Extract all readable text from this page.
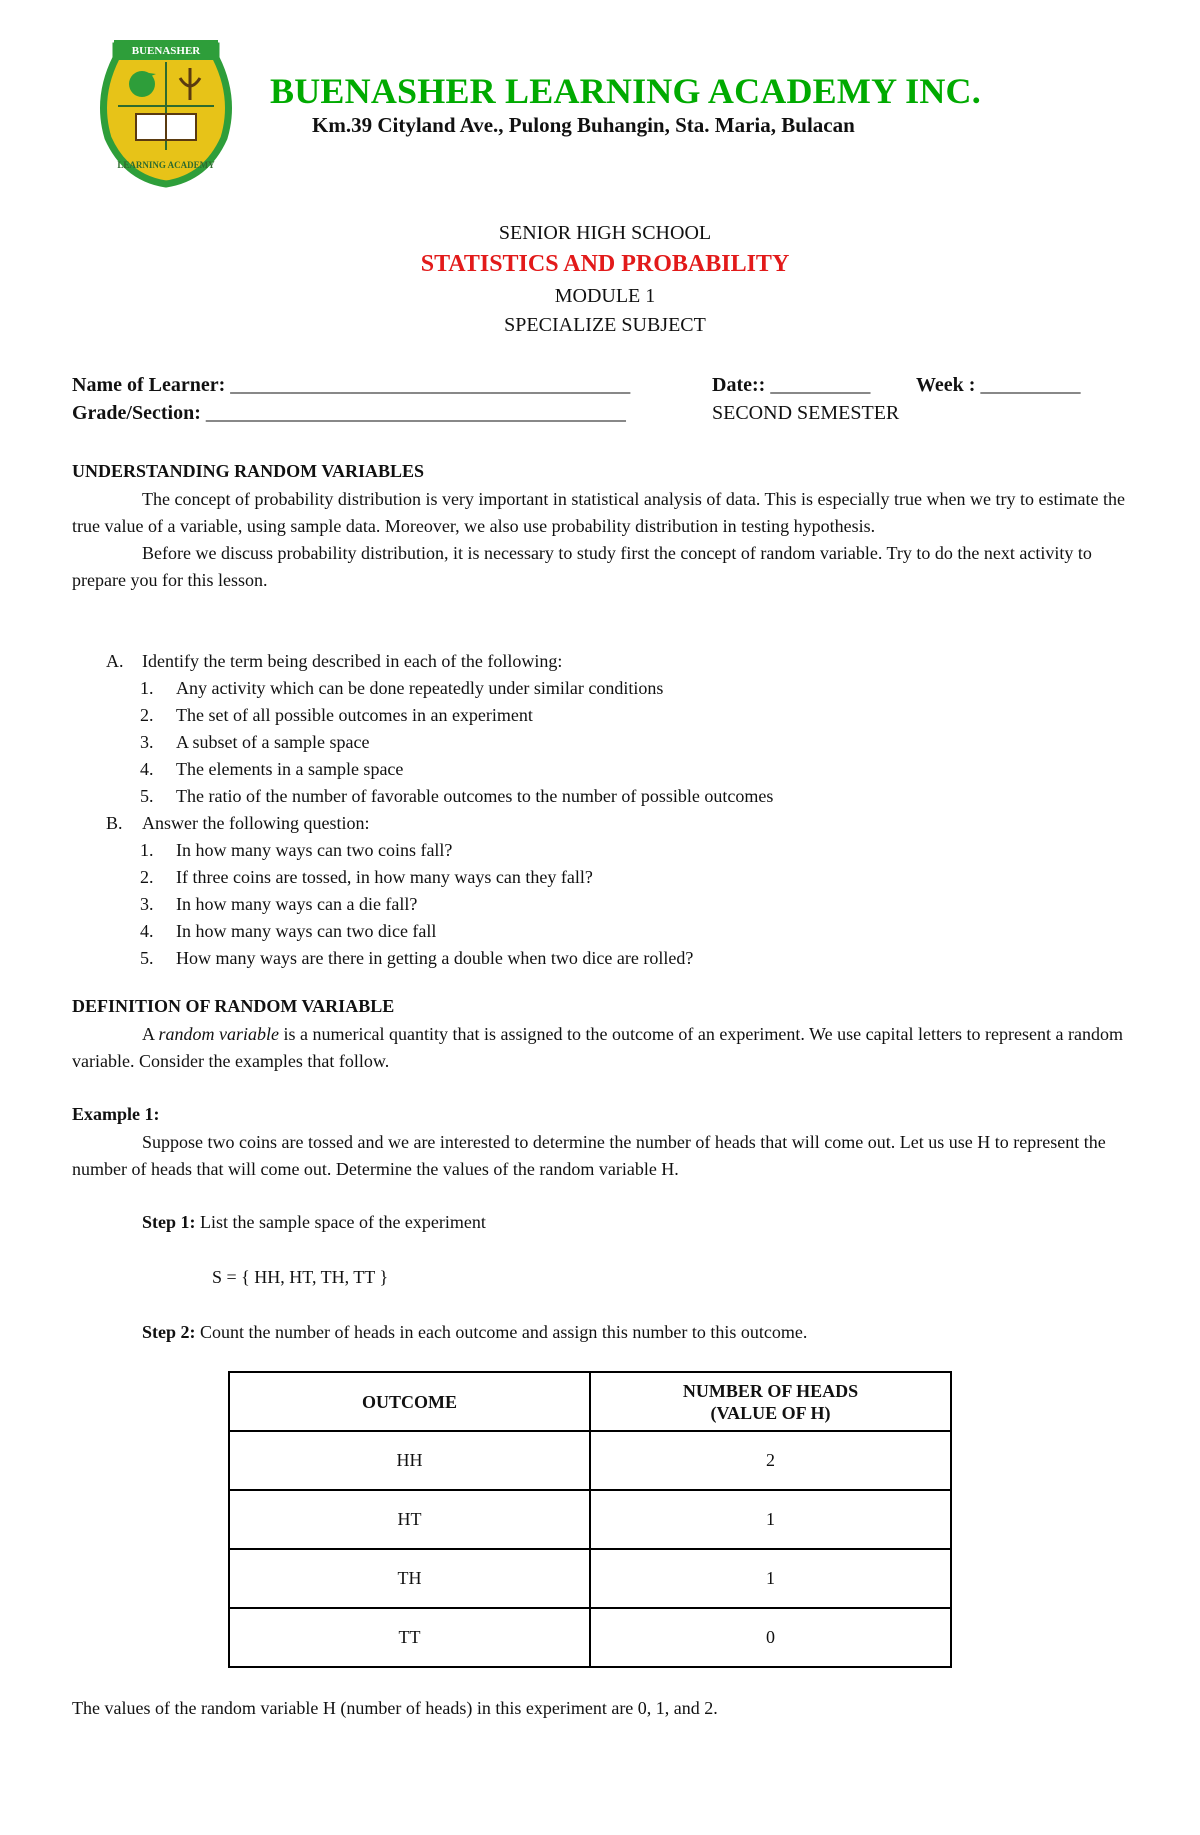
BUENASHER
LEARNING ACADEMY
BUENASHER LEARNING ACADEMY INC.
Km.39 Cityland Ave., Pulong Buhangin, Sta. Maria, Bulacan
SENIOR HIGH SCHOOL
STATISTICS AND PROBABILITY
MODULE 1
SPECIALIZE SUBJECT
Name of Learner: ________________________________________	Date:: __________ Week : __________
Grade/Section: __________________________________________	SECOND SEMESTER
UNDERSTANDING RANDOM VARIABLES
The concept of probability distribution is very important in statistical analysis of data. This is especially true when we try to estimate the true value of a variable, using sample data. Moreover, we also use probability distribution in testing hypothesis.
Before we discuss probability distribution, it is necessary to study first the concept of random variable. Try to do the next activity to prepare you for this lesson.
A.	Identify the term being described in each of the following:
1.	Any activity which can be done repeatedly under similar conditions
2.	The set of all possible outcomes in an experiment
3.	A subset of a sample space
4.	The elements in a sample space
5.	The ratio of the number of favorable outcomes to the number of possible outcomes
B.	Answer the following question:
1.	In how many ways can two coins fall?
2.	If three coins are tossed, in how many ways can they fall?
3.	In how many ways can a die fall?
4.	In how many ways can two dice fall
5.	How many ways are there in getting a double when two dice are rolled?
DEFINITION OF RANDOM VARIABLE
A random variable is a numerical quantity that is assigned to the outcome of an experiment. We use capital letters to represent a random variable. Consider the examples that follow.
Example 1:
Suppose two coins are tossed and we are interested to determine the number of heads that will come out. Let us use H to represent the number of heads that will come out. Determine the values of the random variable H.
Step 1: List the sample space of the experiment
S = { HH, HT, TH, TT }
Step 2: Count the number of heads in each outcome and assign this number to this outcome.
OUTCOME	NUMBER OF HEADS
(VALUE OF H)
HH	2
HT	1
TH	1
TT	0
The values of the random variable H (number of heads) in this experiment are 0, 1, and 2.
